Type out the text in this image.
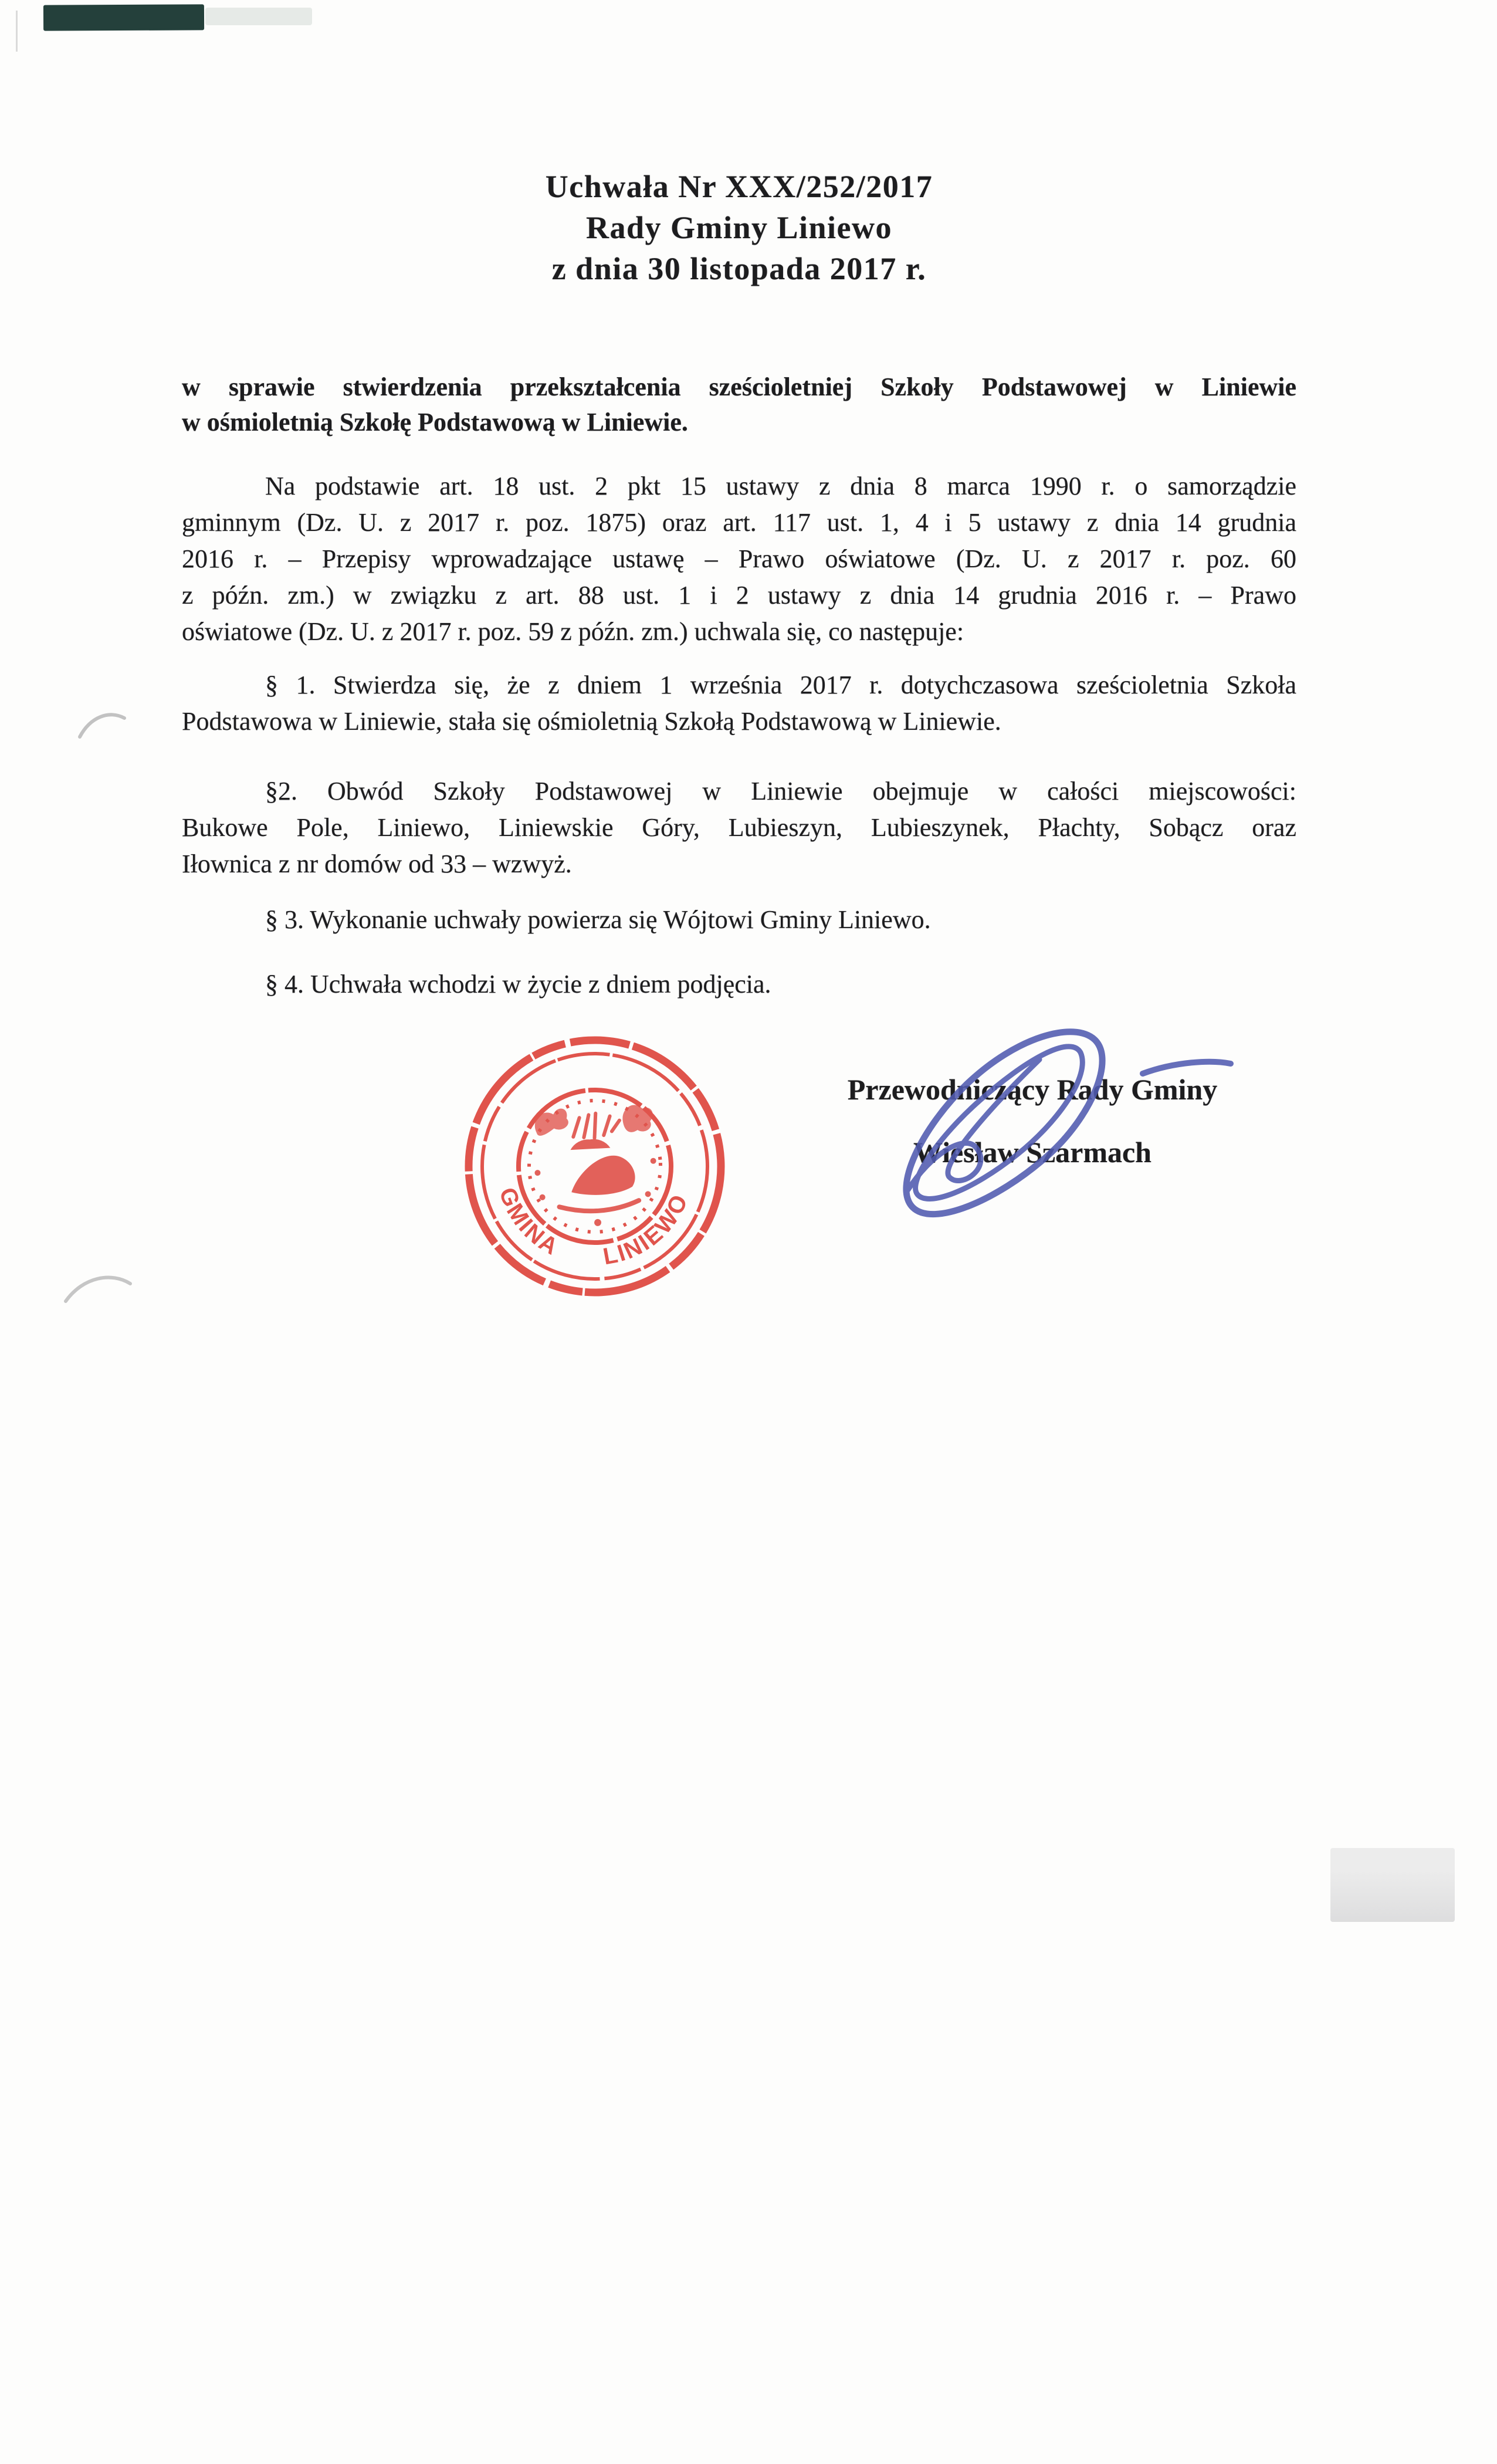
Uchwała Nr XXX/252/2017
Rady Gminy Liniewo
z dnia 30 listopada 2017 r.
w sprawie stwierdzenia przekształcenia sześcioletniej Szkoły Podstawowej w Liniewie
w ośmioletnią Szkołę Podstawową w Liniewie.
Na podstawie art. 18 ust. 2 pkt 15 ustawy z dnia 8 marca 1990 r. o samorządzie
gminnym (Dz. U. z 2017 r. poz. 1875) oraz art. 117 ust. 1, 4 i 5 ustawy z dnia 14 grudnia
2016 r. – Przepisy wprowadzające ustawę – Prawo oświatowe (Dz. U. z 2017 r. poz. 60
z późn. zm.) w związku z art. 88 ust. 1 i 2 ustawy z dnia 14 grudnia 2016 r. – Prawo
oświatowe (Dz. U. z 2017 r. poz. 59 z późn. zm.) uchwala się, co następuje:
§ 1. Stwierdza się, że z dniem 1 września 2017 r. dotychczasowa sześcioletnia Szkoła
Podstawowa w Liniewie, stała się ośmioletnią Szkołą Podstawową w Liniewie.
§2. Obwód Szkoły Podstawowej w Liniewie obejmuje w całości miejscowości:
Bukowe Pole, Liniewo, Liniewskie Góry, Lubieszyn, Lubieszynek, Płachty, Sobącz oraz
Iłownica z nr domów od 33 – wzwyż.
§ 3. Wykonanie uchwały powierza się Wójtowi Gminy Liniewo.
§ 4. Uchwała wchodzi w życie z dniem podjęcia.
Przewodniczący Rady Gminy
Wiesław Szarmach
GMINA LINIEWO
